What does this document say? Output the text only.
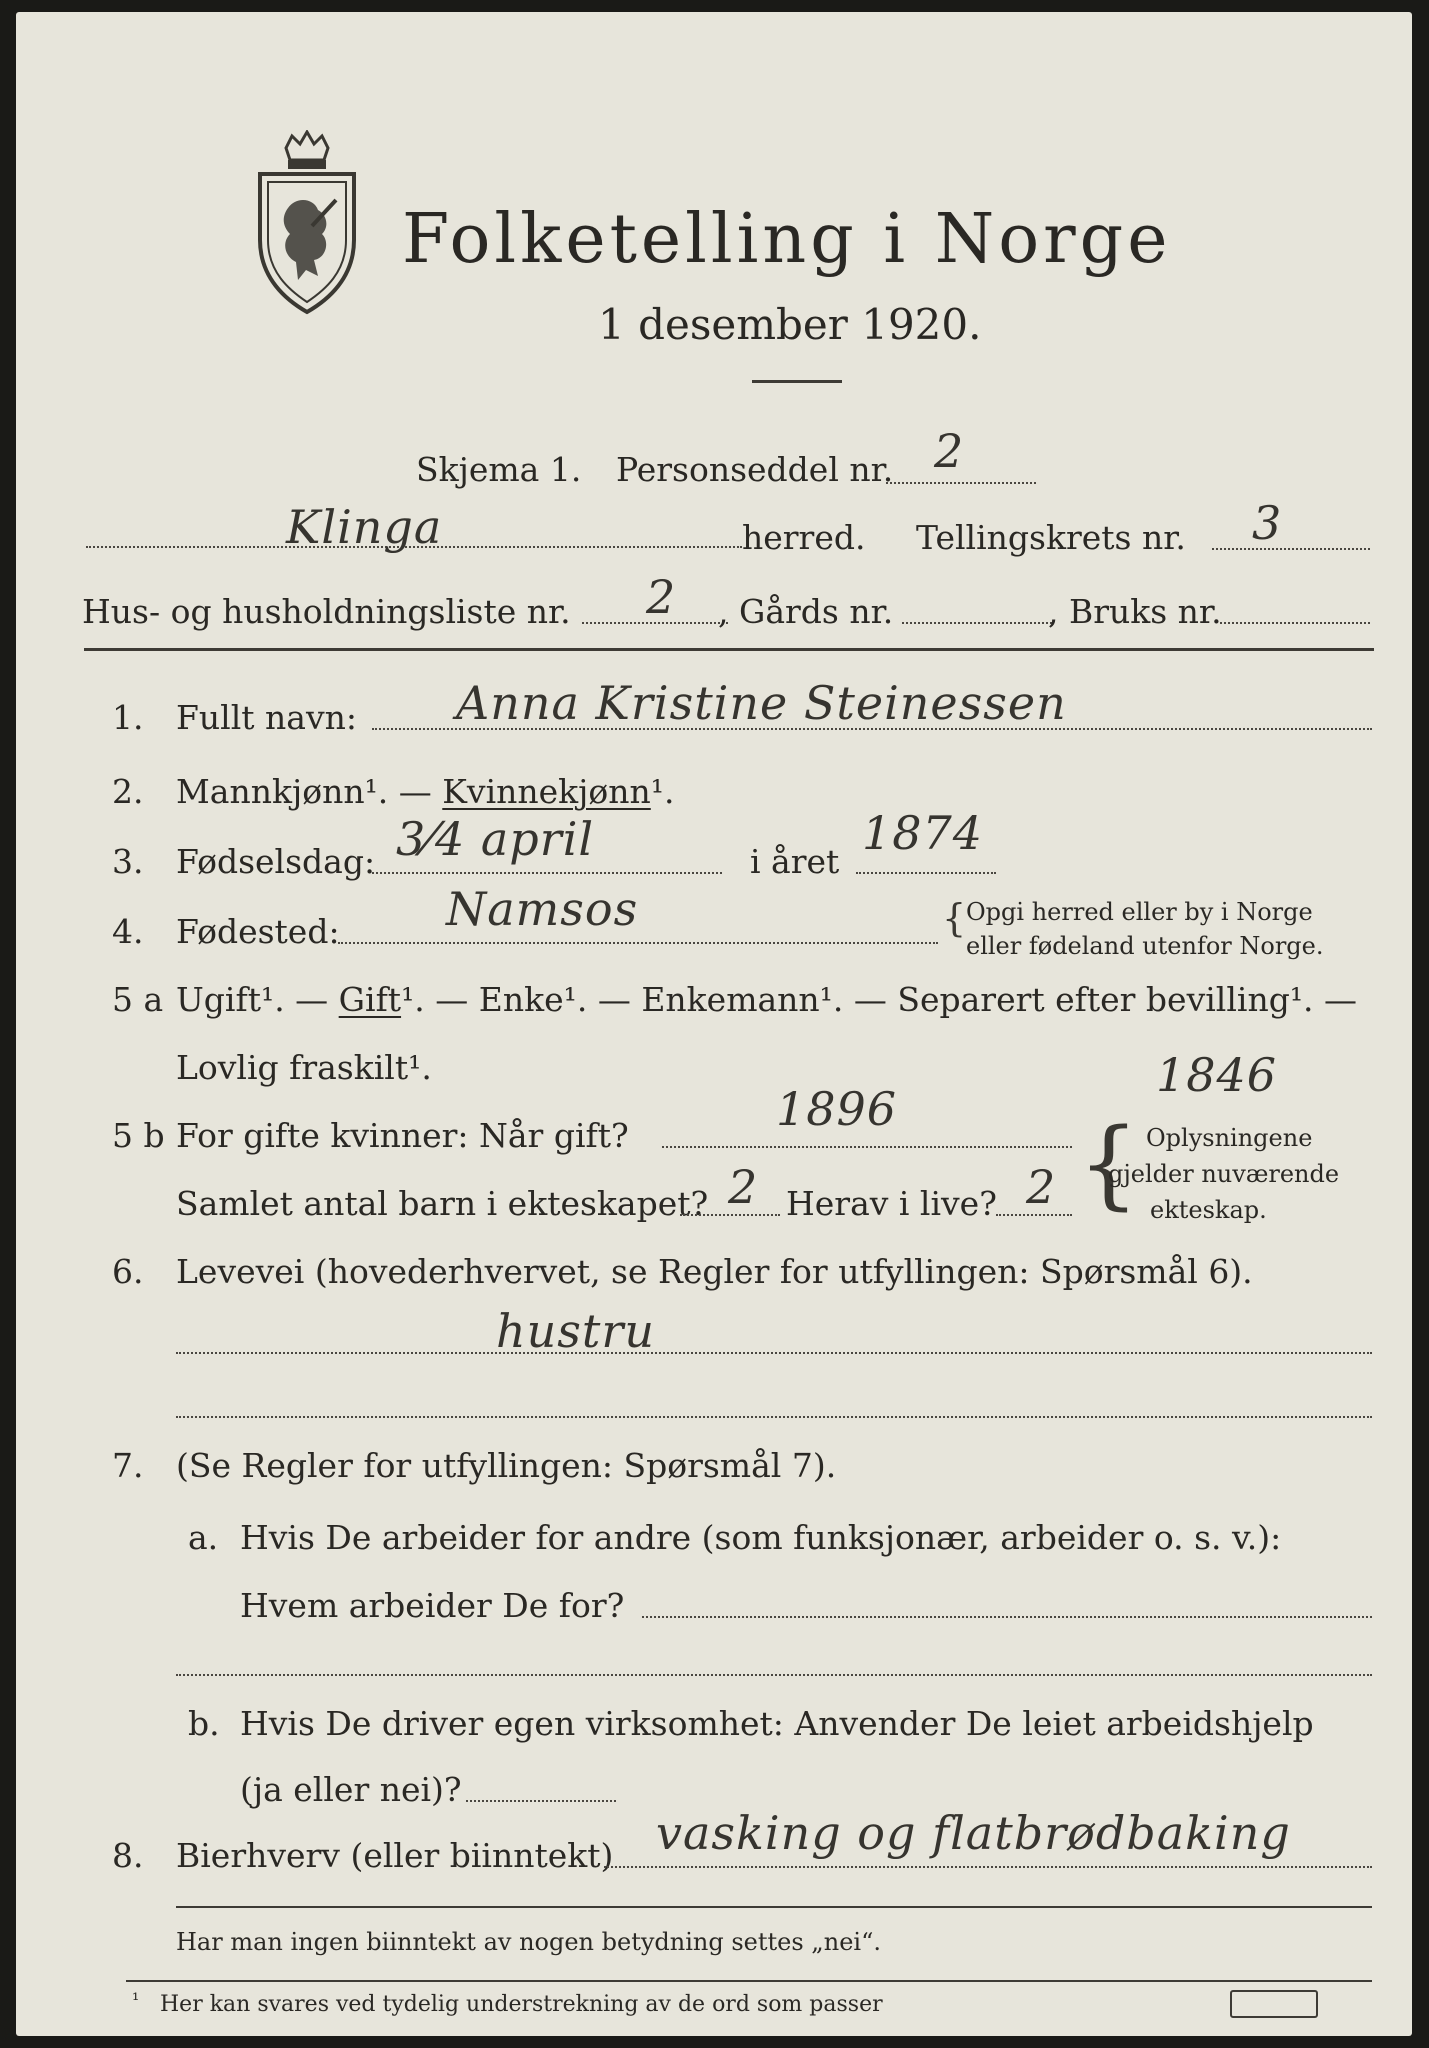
Folketelling i Norge
1 desember 1920.
Skjema 1. Personseddel nr. 2
Klinga	herred. Tellingskrets nr. 3
Hus- og husholdningsliste nr. 2 , Gårds nr.	, Bruks nr.
1. Fullt navn: Anna Kristine Steinessen
2. Mannkjønn¹. — Kvinnekjønn¹.
3. Fødselsdag: 3⁄4 april	i året
1874
4. Fødested: Namsos	{ Opgi herred eller by i Norge
eller fødeland utenfor Norge.
5 a Ugift¹. — Gift¹. — Enke¹. — Enkemann¹. — Separert efter bevilling¹. —
Lovlig fraskilt¹.	1846
5 b For gifte kvinner: Når gift?	1896
Samlet antal barn i ekteskapet? 2 Herav i live? 2 { Oplysningene
gjelder nuværende
ekteskap.
6. Levevei (hovederhvervet, se Regler for utfyllingen: Spørsmål 6).
hustru
7. (Se Regler for utfyllingen: Spørsmål 7).
a. Hvis De arbeider for andre (som funksjonær, arbeider o. s. v.):
Hvem arbeider De for?
b. Hvis De driver egen virksomhet: Anvender De leiet arbeidshjelp
(ja eller nei)?
8. Bierhverv (eller biinntekt) vasking og flatbrødbaking
Har man ingen biinntekt av nogen betydning settes „nei“.
¹ Her kan svares ved tydelig understrekning av de ord som passer
